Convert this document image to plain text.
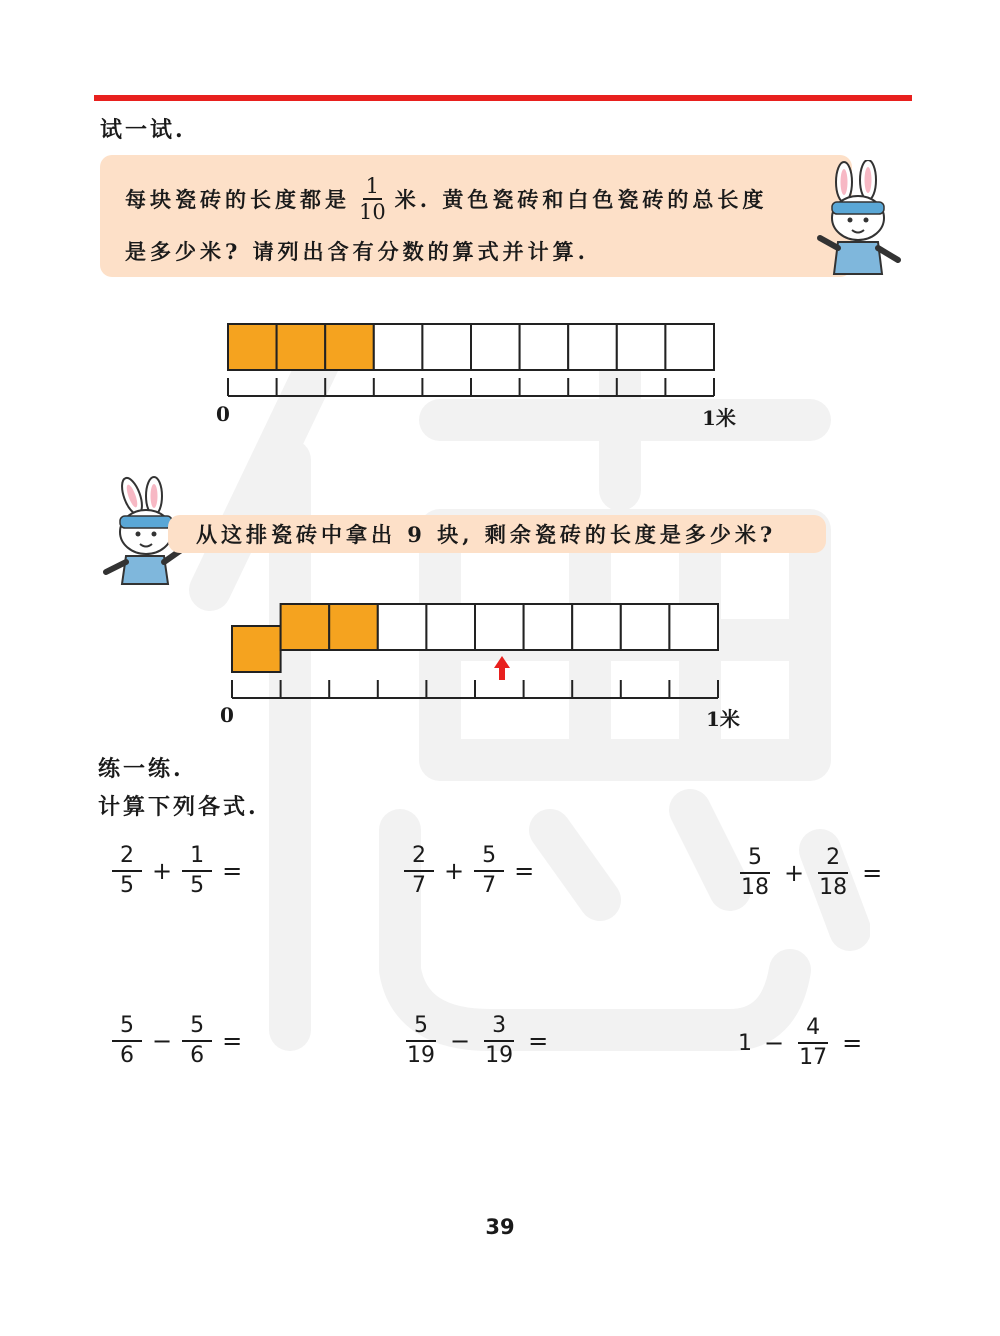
试一试.
每块瓷砖的长度都是 $\frac{1}{10}$ 米. 黄色瓷砖和白色瓷砖的总长度
是多少米? 请列出含有分数的算式并计算.
0	1米
从这排瓷砖中拿出 9 块, 剩余瓷砖的长度是多少米?
0	1米
练一练.
计算下列各式.
$\frac{2}{5} + \frac{1}{5}$ =	$\frac{2}{7} + \frac{5}{7}$ =	$\frac{5}{18} + \frac{2}{18}$ =
$\frac{5}{6} - \frac{5}{6}$ =	$\frac{5}{19} - \frac{3}{19}$ =	$1 - \frac{4}{17}$ =
39
